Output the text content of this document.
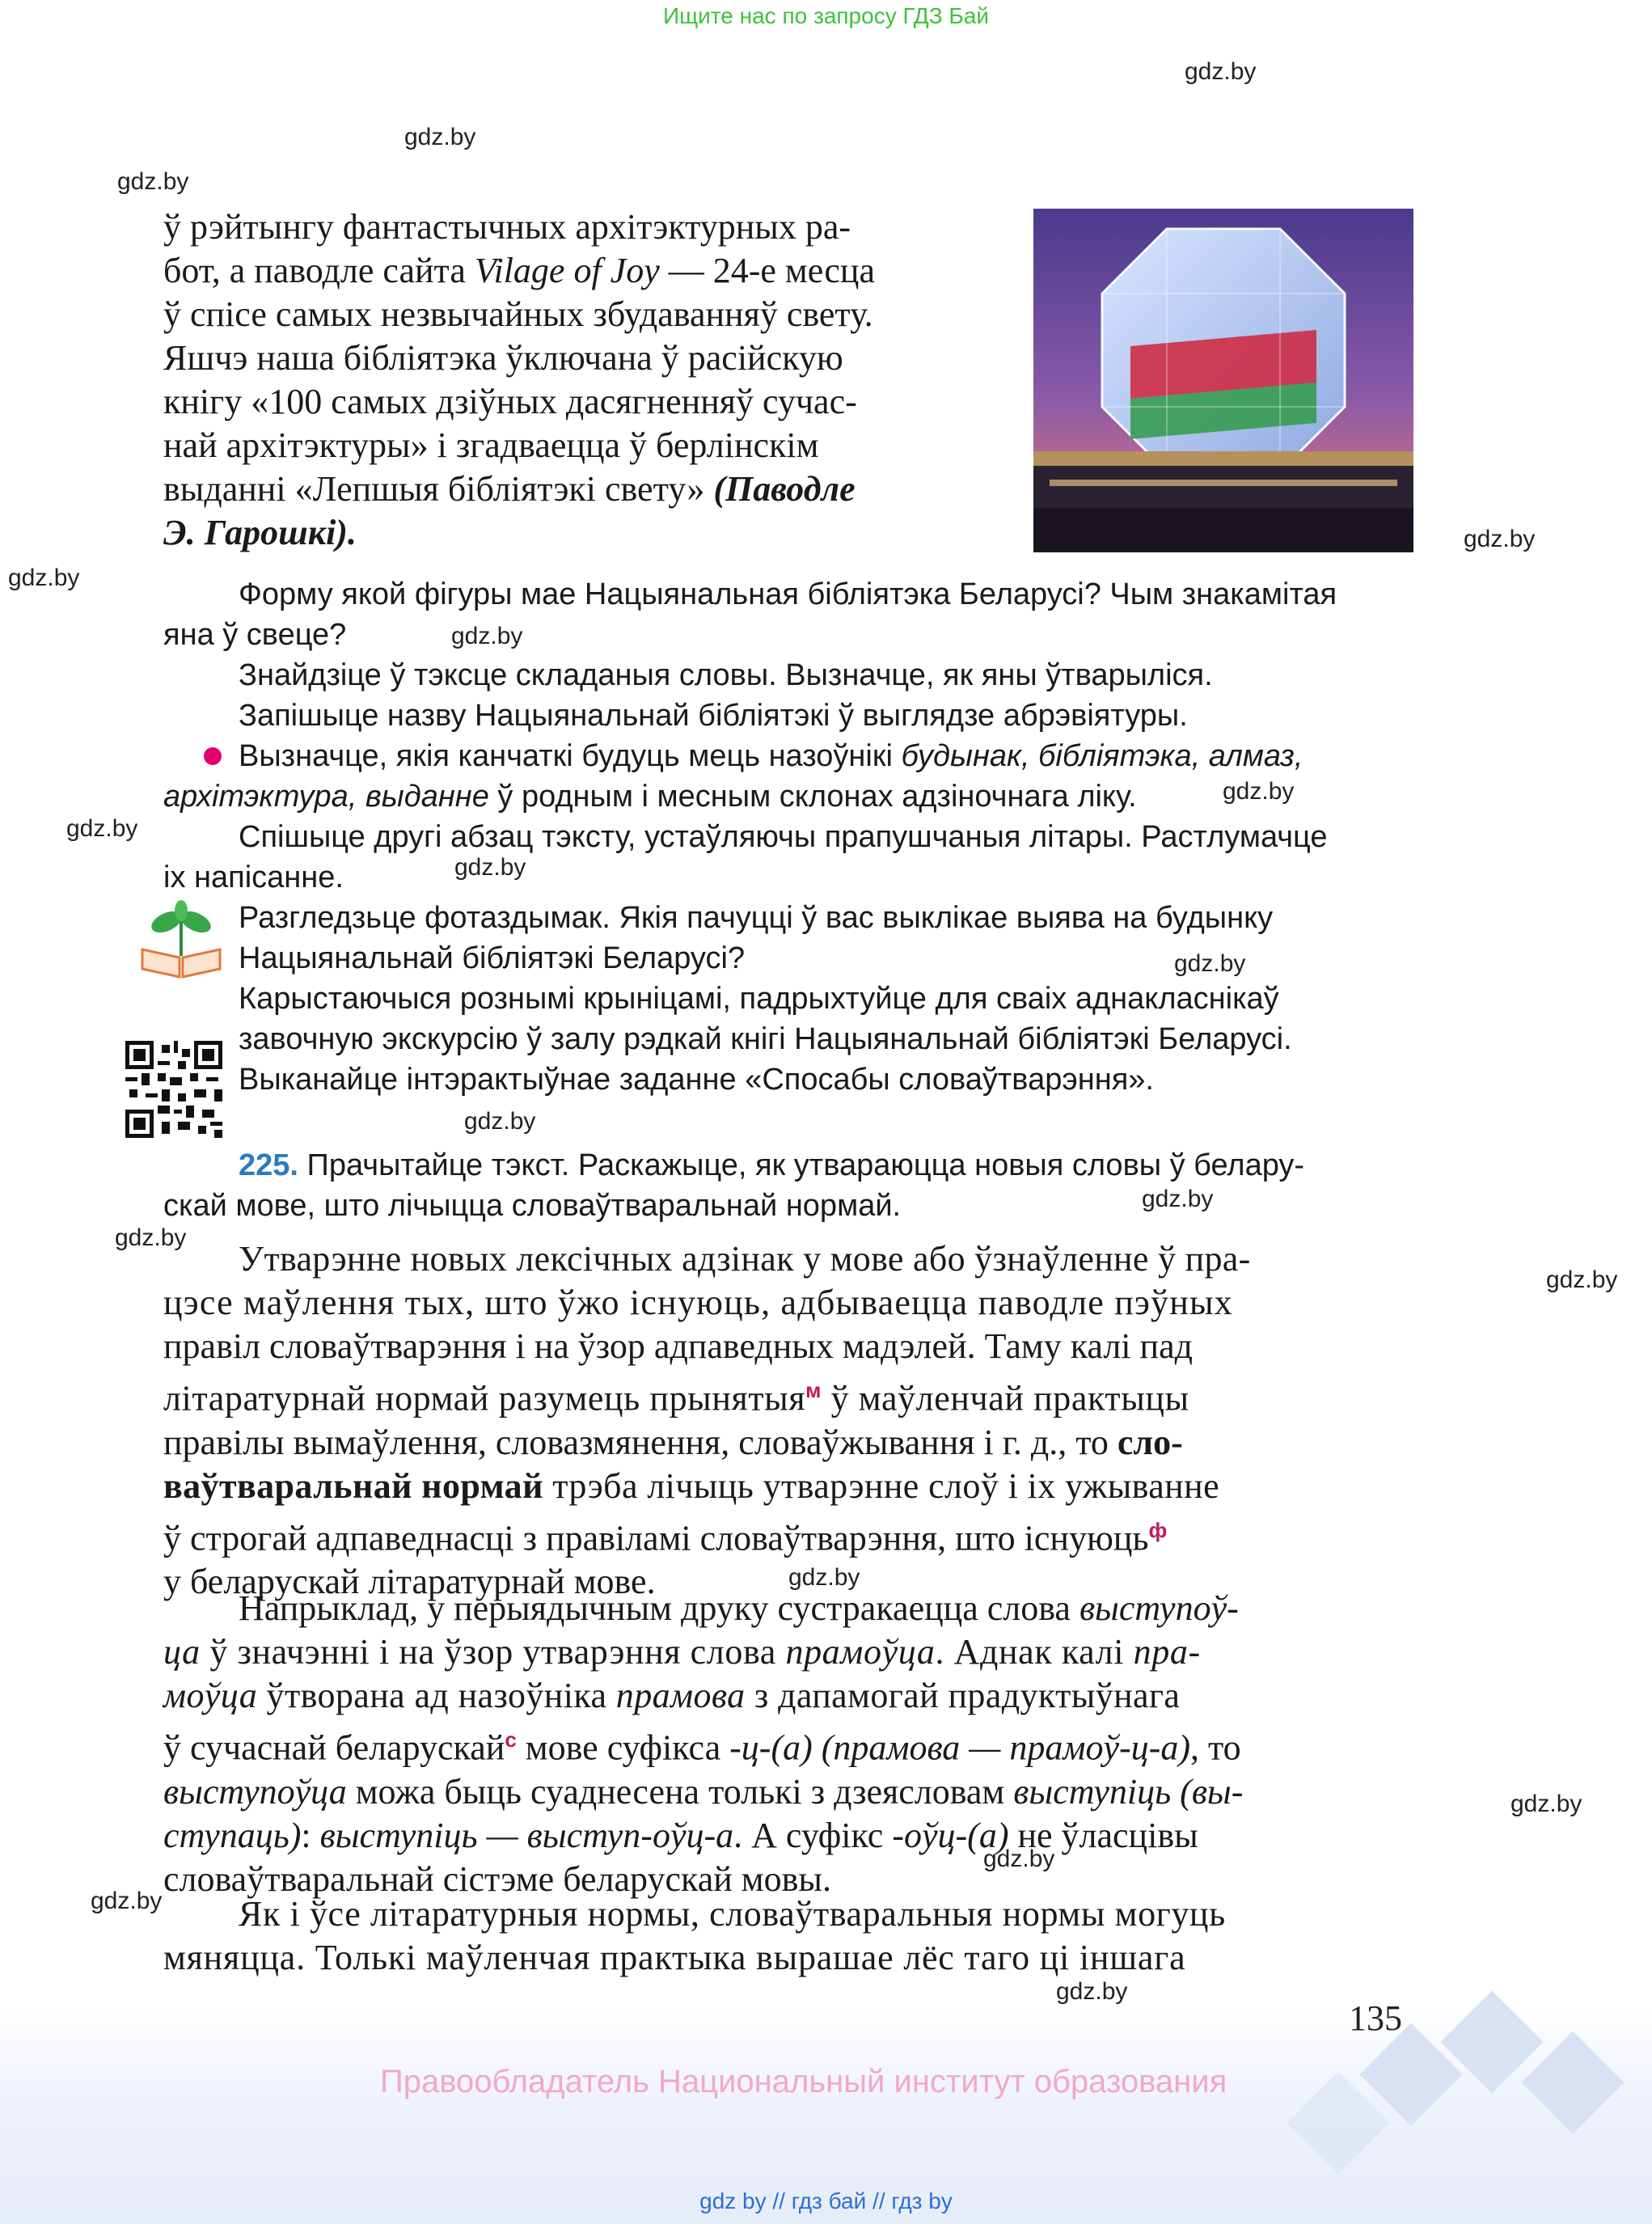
Ищите нас по запросу ГДЗ Бай
gdz.by
gdz.by
gdz.by
gdz.by
gdz.by
gdz.by
gdz.by
gdz.by
gdz.by
gdz.by
gdz.by
gdz.by
gdz.by
gdz.by
gdz.by
gdz.by
gdz.by
gdz.by
gdz.by
ў рэйтынгу фантастычных архітэктурных ра-
бот, а паводле сайта Vilage of Joy — 24-е месца
ў спісе самых незвычайных збудаванняў свету.
Яшчэ наша бібліятэка ўключана ў расійскую
кнігу «100 самых дзіўных дасягненняў сучас-
най архітэктуры» і згадваецца ў берлінскім
выданні «Лепшыя бібліятэкі свету» (Паводле
Э. Гарошкі).
Форму якой фігуры мае Нацыянальная бібліятэка Беларусі? Чым знакамітая
яна ў свеце?
Знайдзіце ў тэксце складаныя словы. Вызначце, як яны ўтварыліся.
Запішыце назву Нацыянальнай бібліятэкі ў выглядзе абрэвіятуры.
Вызначце, якія канчаткі будуць мець назоўнікі будынак, бібліятэка, алмаз,
архітэктура, выданне ў родным і месным склонах адзіночнага ліку.
Спішыце другі абзац тэксту, устаўляючы прапушчаныя літары. Растлумачце
іх напісанне.
Разгледзьце фотаздымак. Якія пачуцці ў вас выклікае выява на будынку
Нацыянальнай бібліятэкі Беларусі?
Карыстаючыся рознымі крыніцамі, падрыхтуйце для сваіх аднакласнікаў
завочную экскурсію ў залу рэдкай кнігі Нацыянальнай бібліятэкі Беларусі.
Выканайце інтэрактыўнае заданне «Спосабы словаўтварэння».
225. Прачытайце тэкст. Раскажыце, як утвараюцца новыя словы ў белару-
скай мове, што лічыцца словаўтваральнай нормай.
Утварэнне новых лексічных адзінак у мове або ўзнаўленне ў пра-
цэсе маўлення тых, што ўжо існуюць, адбываецца паводле пэўных
правіл словаўтварэння і на ўзор адпаведных мадэлей. Таму калі пад
літаратурнай нормай разумець прынятыя$^м$ ў маўленчай практыцы
правілы вымаўлення, словазмянення, словаўжывання і г. д., то сло-
ваўтваральнай нормай трэба лічыць утварэнне слоў і іх ужыванне
ў строгай адпаведнасці з правіламі словаўтварэння, што існуюць$^ф$
у беларускай літаратурнай мове.
Напрыклад, у перыядычным друку сустракаецца слова выступоў-
ца ў значэнні і на ўзор утварэння слова прамоўца. Аднак калі пра-
моўца ўтворана ад назоўніка прамова з дапамогай прадуктыўнага
ў сучаснай беларускай$^с$ мове суфікса -ц-(а) (прамова — прамоў-ц-а), то
выступоўца можа быць суаднесена толькі з дзеясловам выступіць (вы-
ступаць): выступіць — выступ-оўц-а. А суфікс -оўц-(а) не ўласцівы
словаўтваральнай сістэме беларускай мовы.
Як і ўсе літаратурныя нормы, словаўтваральныя нормы могуць
мяняцца. Толькі маўленчая практыка вырашае лёс таго ці іншага
135
Правообладатель Национальный институт образования
gdz by // гдз бай // гдз by
